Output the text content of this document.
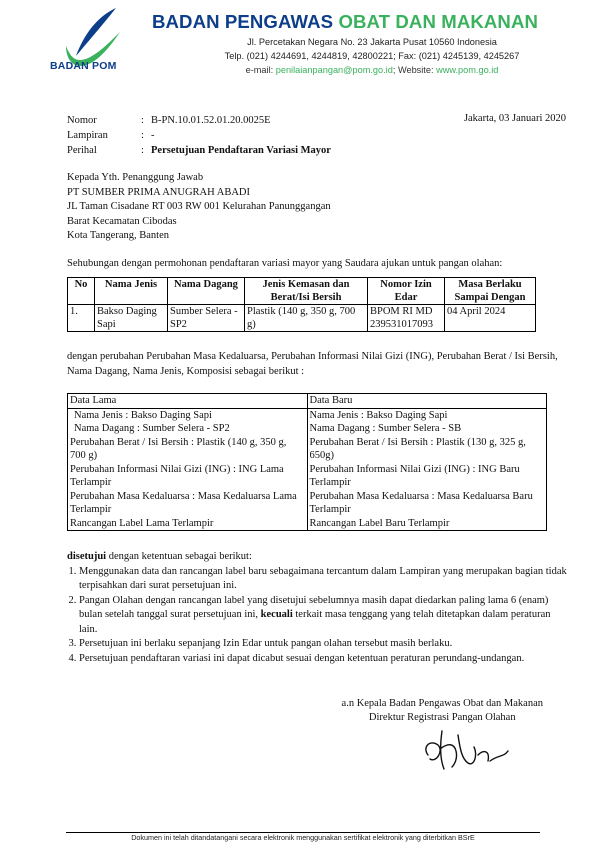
BADAN POM
BADAN PENGAWAS OBAT DAN MAKANAN
Jl. Percetakan Negara No. 23 Jakarta Pusat 10560 Indonesia
Telp. (021) 4244691, 4244819, 42800221; Fax: (021) 4245139, 4245267
e-mail: penilaianpangan@pom.go.id; Website: www.pom.go.id
Nomor	: B-PN.10.01.52.01.20.0025E
Lampiran	: -
Perihal	: Persetujuan Pendaftaran Variasi Mayor
Jakarta, 03 Januari 2020
Kepada Yth. Penanggung Jawab
PT SUMBER PRIMA ANUGRAH ABADI
JL Taman Cisadane RT 003 RW 001 Kelurahan Panunggangan
Barat Kecamatan Cibodas
Kota Tangerang, Banten
Sehubungan dengan permohonan pendaftaran variasi mayor yang Saudara ajukan untuk pangan olahan:
No	Nama Jenis	Nama Dagang	Jenis Kemasan dan Berat/Isi Bersih	Nomor Izin Edar	Masa Berlaku Sampai Dengan
1.	Bakso Daging Sapi	Sumber Selera - SP2	Plastik (140 g, 350 g, 700 g)	BPOM RI MD 239531017093	04 April 2024
dengan perubahan Perubahan Masa Kedaluarsa, Perubahan Informasi Nilai Gizi (ING), Perubahan Berat / Isi Bersih, Nama Dagang, Nama Jenis, Komposisi sebagai berikut :
Data Lama	Data Baru
Nama Jenis : Bakso Daging Sapi	Nama Jenis : Bakso Daging Sapi
Nama Dagang : Sumber Selera - SP2	Nama Dagang : Sumber Selera - SB
Perubahan Berat / Isi Bersih : Plastik (140 g, 350 g, 700 g)	Perubahan Berat / Isi Bersih : Plastik (130 g, 325 g, 650g)
Perubahan Informasi Nilai Gizi (ING) : ING Lama Terlampir	Perubahan Informasi Nilai Gizi (ING) : ING Baru Terlampir
Perubahan Masa Kedaluarsa : Masa Kedaluarsa Lama Terlampir	Perubahan Masa Kedaluarsa : Masa Kedaluarsa Baru Terlampir
Rancangan Label Lama Terlampir	Rancangan Label Baru Terlampir
disetujui dengan ketentuan sebagai berikut:
1. Menggunakan data dan rancangan label baru sebagaimana tercantum dalam Lampiran yang merupakan bagian tidak terpisahkan dari surat persetujuan ini.
2. Pangan Olahan dengan rancangan label yang disetujui sebelumnya masih dapat diedarkan paling lama 6 (enam) bulan setelah tanggal surat persetujuan ini, kecuali terkait masa tenggang yang telah ditetapkan dalam peraturan lain.
3. Persetujuan ini berlaku sepanjang Izin Edar untuk pangan olahan tersebut masih berlaku.
4. Persetujuan pendaftaran variasi ini dapat dicabut sesuai dengan ketentuan peraturan perundang-undangan.
a.n Kepala Badan Pengawas Obat dan Makanan
Direktur Registrasi Pangan Olahan
Dokumen ini telah ditandatangani secara elektronik menggunakan sertifikat elektronik yang diterbitkan BSrE
